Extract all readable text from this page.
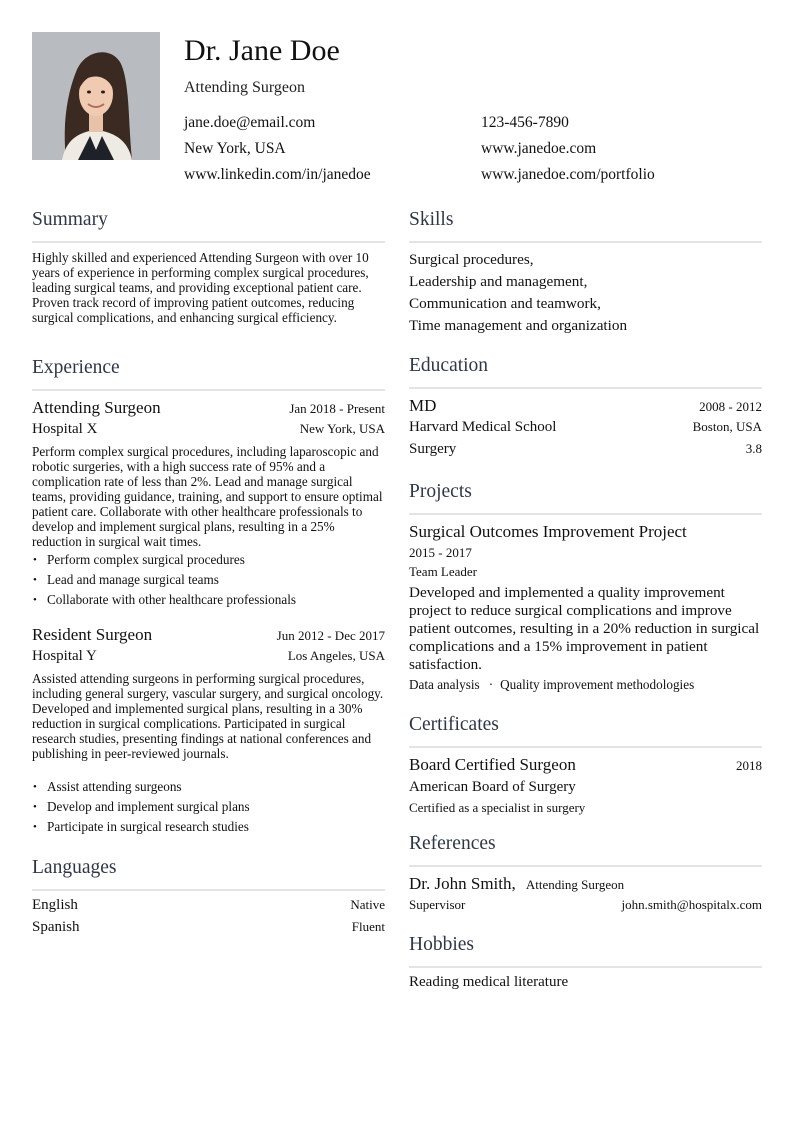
Dr. Jane Doe
Attending Surgeon
jane.doe@email.com	123-456-7890
New York, USA	www.janedoe.com
www.linkedin.com/in/janedoe	www.janedoe.com/portfolio
Summary
Highly skilled and experienced Attending Surgeon with over 10 years of experience in performing complex surgical procedures, leading surgical teams, and providing exceptional patient care. Proven track record of improving patient outcomes, reducing surgical complications, and enhancing surgical efficiency.
Experience
Attending Surgeon	Jan 2018 - Present
Hospital X	New York, USA
Perform complex surgical procedures, including laparoscopic and robotic surgeries, with a high success rate of 95% and a complication rate of less than 2%. Lead and manage surgical teams, providing guidance, training, and support to ensure optimal patient care. Collaborate with other healthcare professionals to develop and implement surgical plans, resulting in a 25% reduction in surgical wait times.
• Perform complex surgical procedures
• Lead and manage surgical teams
• Collaborate with other healthcare professionals
Resident Surgeon	Jun 2012 - Dec 2017
Hospital Y	Los Angeles, USA
Assisted attending surgeons in performing surgical procedures, including general surgery, vascular surgery, and surgical oncology. Developed and implemented surgical plans, resulting in a 30% reduction in surgical complications. Participated in surgical research studies, presenting findings at national conferences and publishing in peer-reviewed journals.
• Assist attending surgeons
• Develop and implement surgical plans
• Participate in surgical research studies
Languages
English	Native
Spanish	Fluent
Skills
Surgical procedures,
Leadership and management,
Communication and teamwork,
Time management and organization
Education
MD	2008 - 2012
Harvard Medical School	Boston, USA
Surgery	3.8
Projects
Surgical Outcomes Improvement Project
2015 - 2017
Team Leader
Developed and implemented a quality improvement project to reduce surgical complications and improve patient outcomes, resulting in a 20% reduction in surgical complications and a 15% improvement in patient satisfaction.
Data analysis · Quality improvement methodologies
Certificates
Board Certified Surgeon	2018
American Board of Surgery
Certified as a specialist in surgery
References
Dr. John Smith, Attending Surgeon
Supervisor	john.smith@hospitalx.com
Hobbies
Reading medical literature
